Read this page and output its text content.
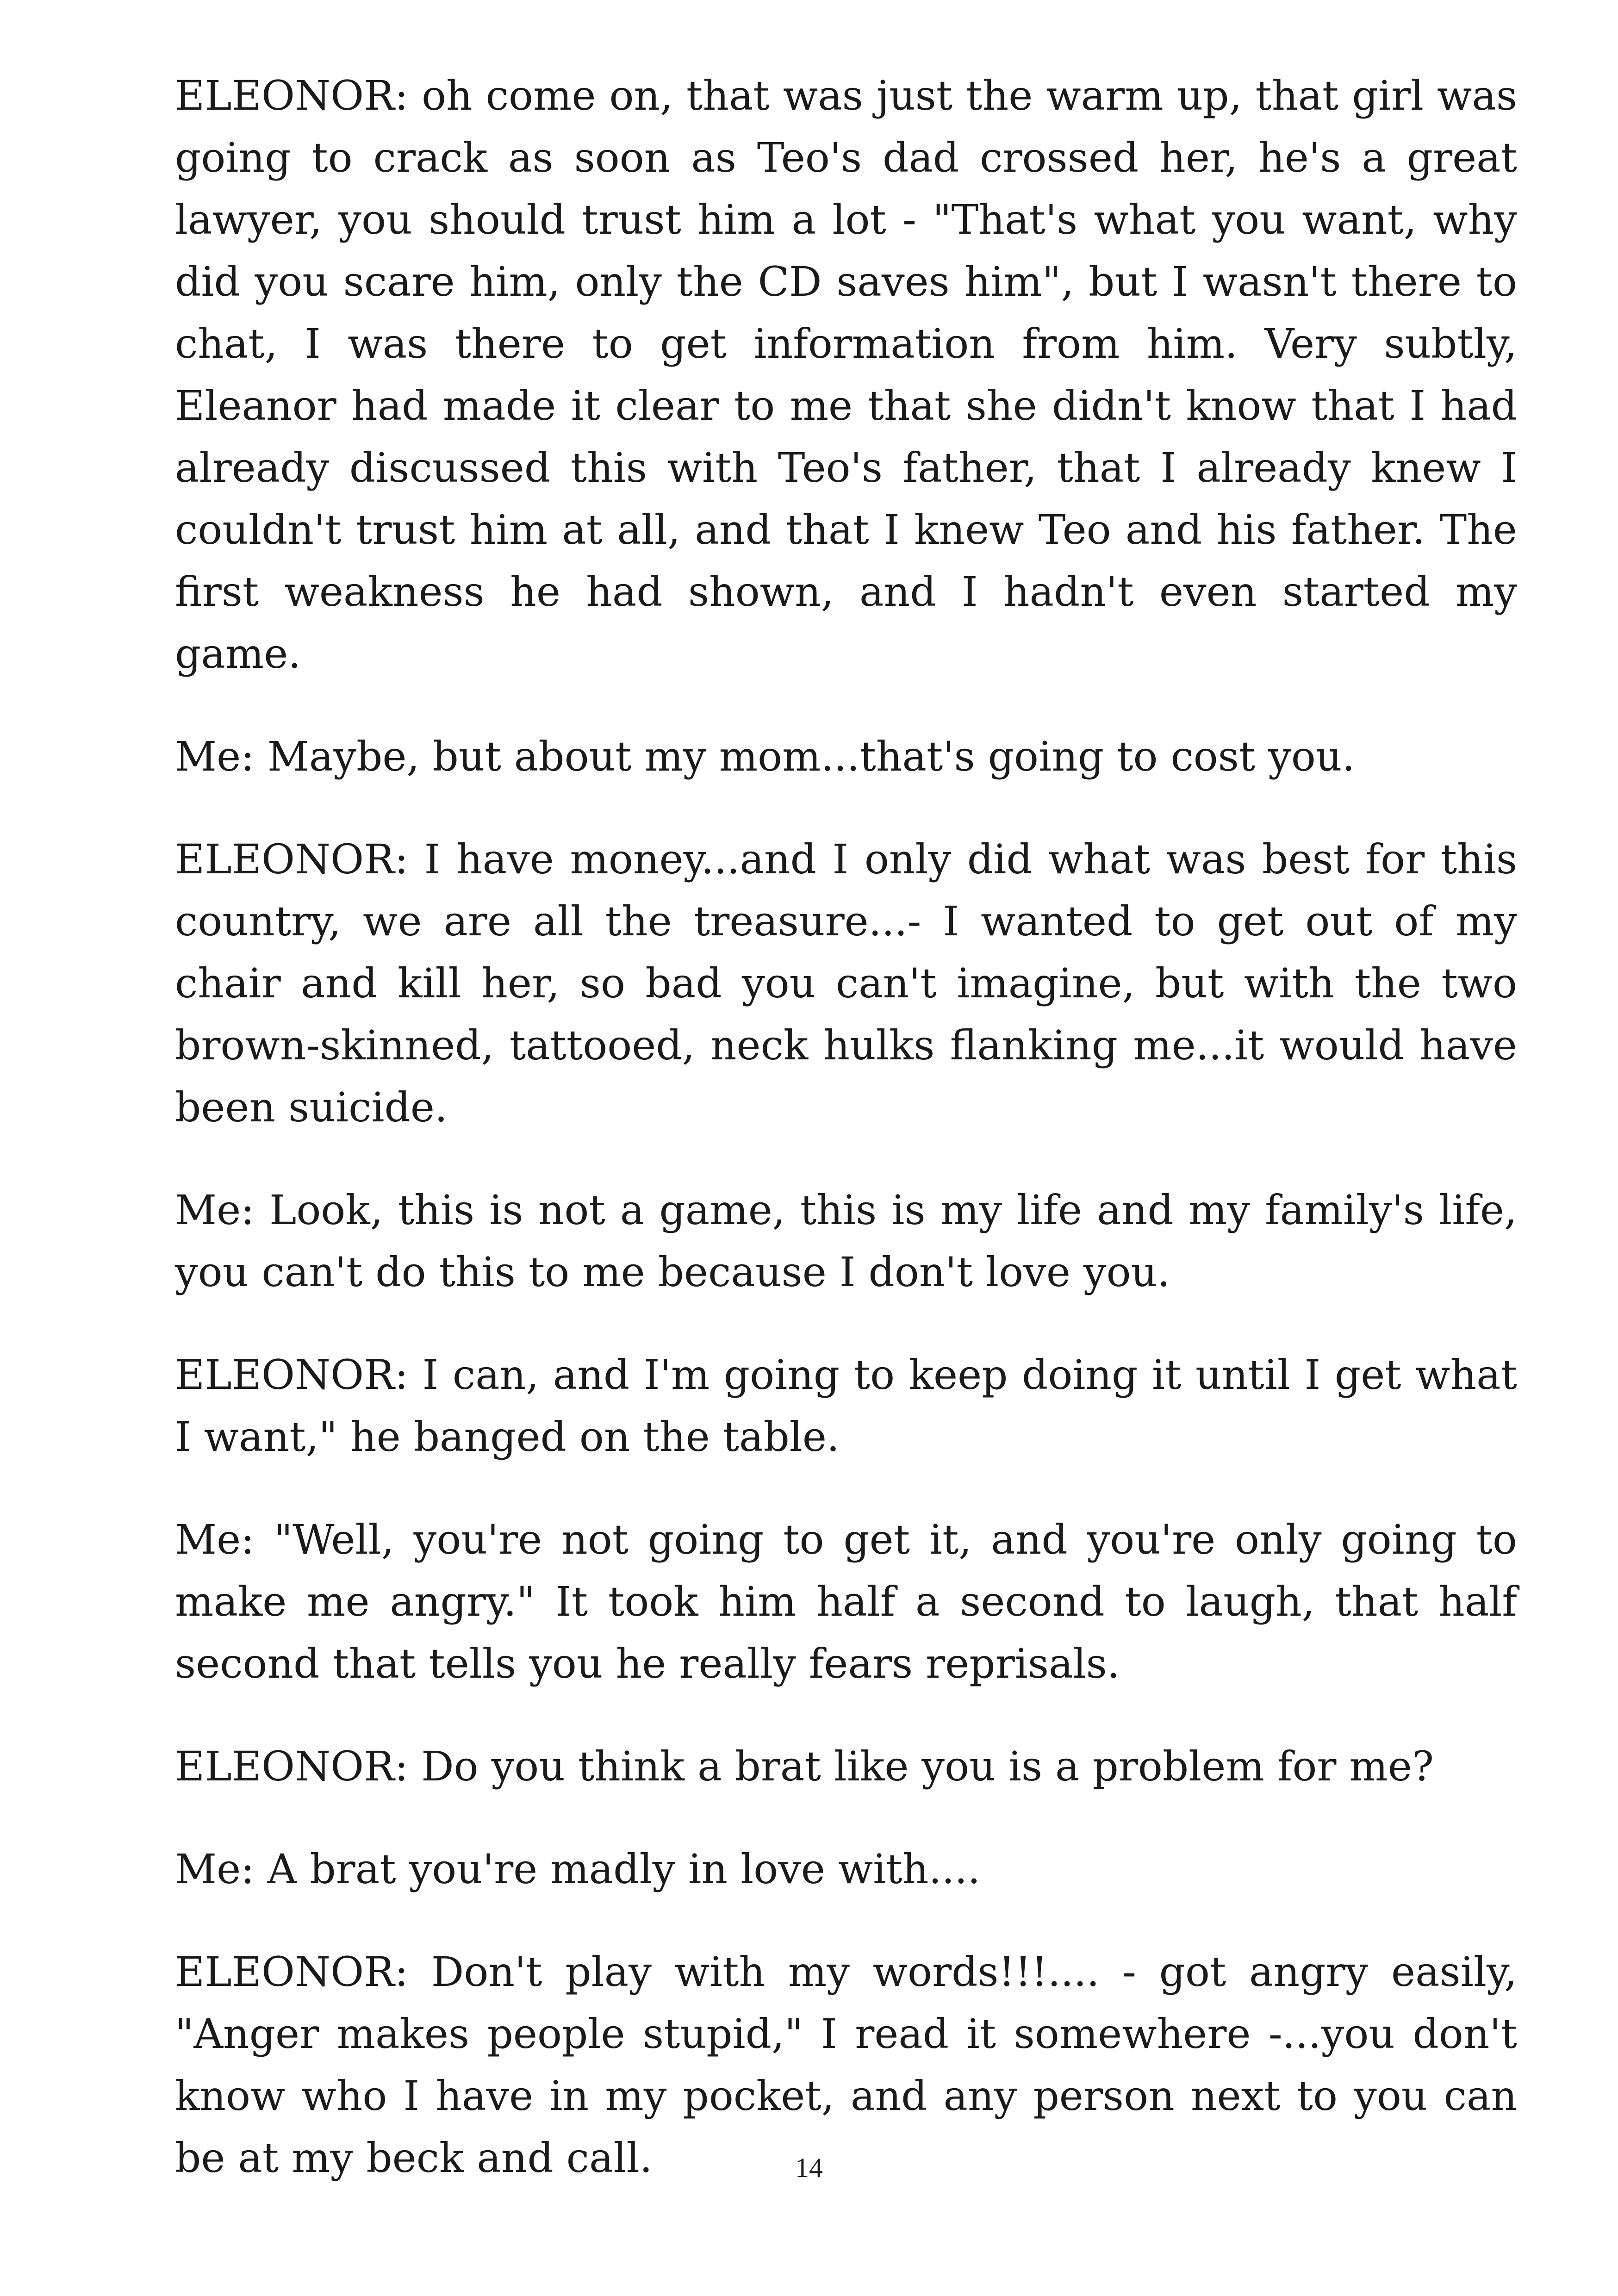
ELEONOR: oh come on, that was just the warm up, that girl was going to crack as soon as Teo's dad crossed her, he's a great lawyer, you should trust him a lot - "That's what you want, why did you scare him, only the CD saves him", but I wasn't there to chat, I was there to get information from him. Very subtly, Eleanor had made it clear to me that she didn't know that I had already discussed this with Teo's father, that I already knew I couldn't trust him at all, and that I knew Teo and his father. The first weakness he had shown, and I hadn't even started my game.

Me: Maybe, but about my mom...that's going to cost you.

ELEONOR: I have money...and I only did what was best for this country, we are all the treasure...- I wanted to get out of my chair and kill her, so bad you can't imagine, but with the two brown-skinned, tattooed, neck hulks flanking me...it would have been suicide.

Me: Look, this is not a game, this is my life and my family's life, you can't do this to me because I don't love you.

ELEONOR: I can, and I'm going to keep doing it until I get what I want," he banged on the table.

Me: "Well, you're not going to get it, and you're only going to make me angry." It took him half a second to laugh, that half second that tells you he really fears reprisals.

ELEONOR: Do you think a brat like you is a problem for me?

Me: A brat you're madly in love with....

ELEONOR: Don't play with my words!!!.... - got angry easily, "Anger makes people stupid," I read it somewhere -...you don't know who I have in my pocket, and any person next to you can be at my beck and call.	14
